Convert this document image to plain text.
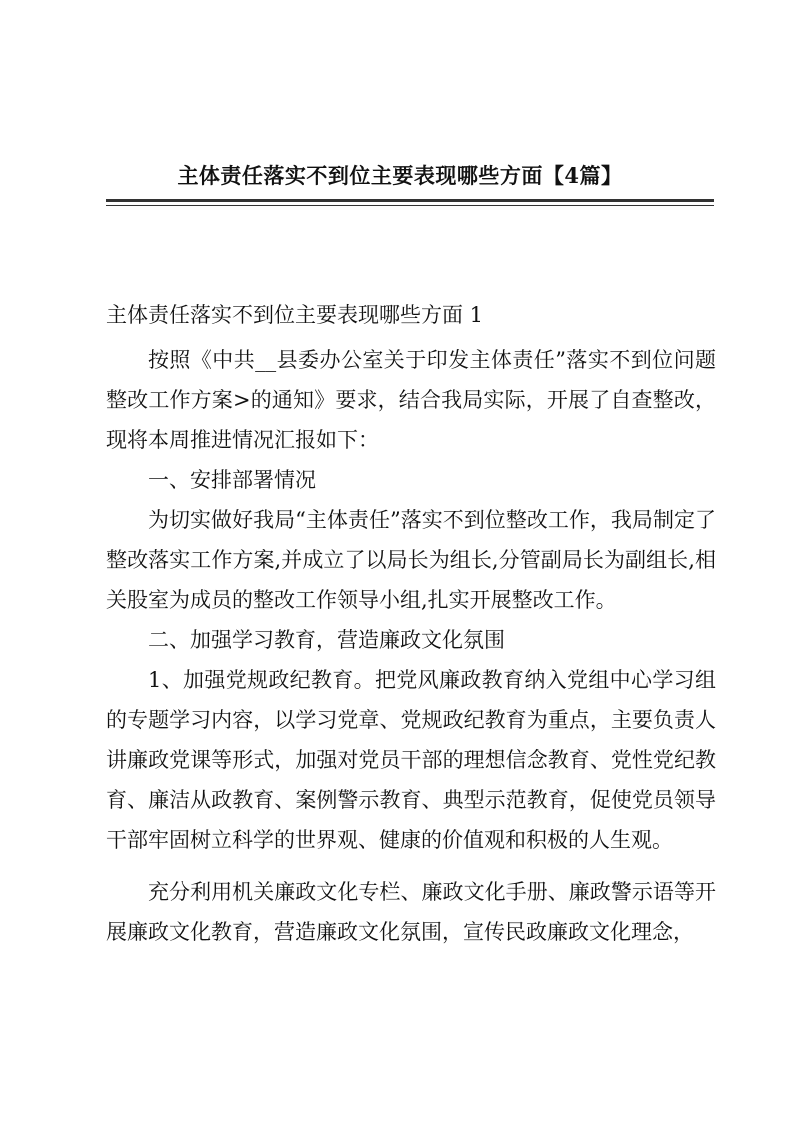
主体责任落实不到位主要表现哪些方面【4篇】

主体责任落实不到位主要表现哪些方面 1

按照《中共__县委办公室关于印发主体责任”落实不到位问题整改工作方案>的通知》要求，结合我局实际，开展了自查整改，现将本周推进情况汇报如下：

一、安排部署情况

为切实做好我局“主体责任”落实不到位整改工作，我局制定了整改落实工作方案,并成立了以局长为组长,分管副局长为副组长,相关股室为成员的整改工作领导小组,扎实开展整改工作。

二、加强学习教育，营造廉政文化氛围

1、加强党规政纪教育。把党风廉政教育纳入党组中心学习组的专题学习内容，以学习党章、党规政纪教育为重点，主要负责人讲廉政党课等形式，加强对党员干部的理想信念教育、党性党纪教育、廉洁从政教育、案例警示教育、典型示范教育，促使党员领导干部牢固树立科学的世界观、健康的价值观和积极的人生观。

充分利用机关廉政文化专栏、廉政文化手册、廉政警示语等开展廉政文化教育，营造廉政文化氛围，宣传民政廉政文化理念，
